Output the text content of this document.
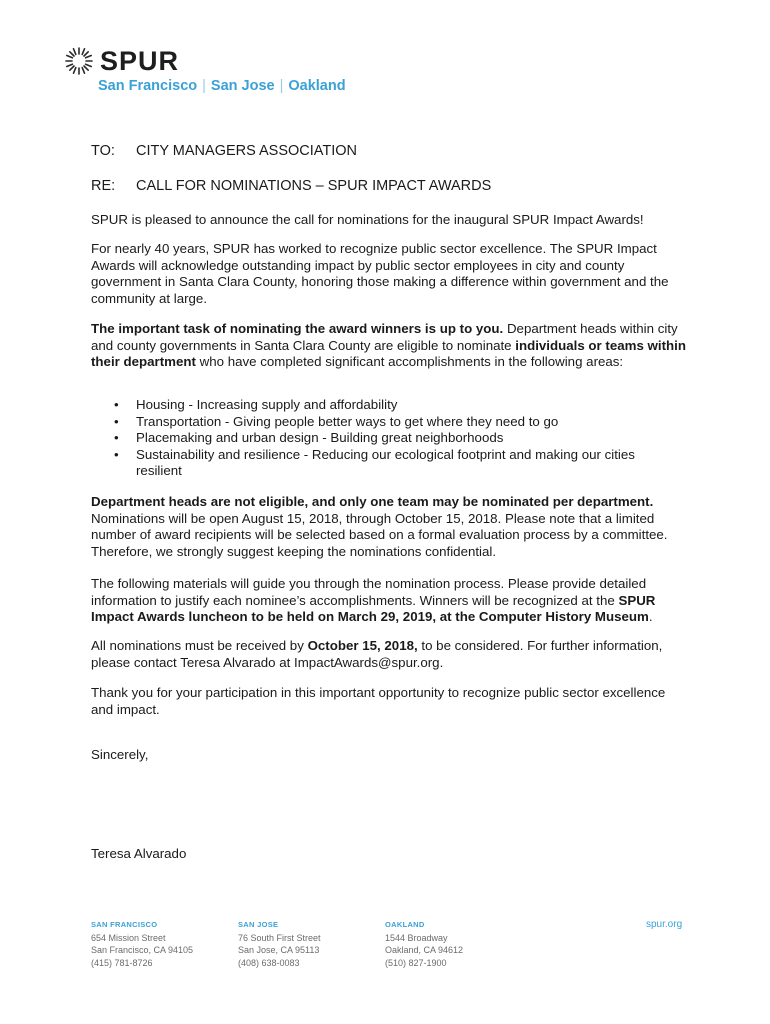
SPUR
San Francisco | San Jose | Oakland
TO: CITY MANAGERS ASSOCIATION
RE: CALL FOR NOMINATIONS – SPUR IMPACT AWARDS

SPUR is pleased to announce the call for nominations for the inaugural SPUR Impact Awards!

For nearly 40 years, SPUR has worked to recognize public sector excellence. The SPUR Impact Awards will acknowledge outstanding impact by public sector employees in city and county government in Santa Clara County, honoring those making a difference within government and the community at large.

The important task of nominating the award winners is up to you. Department heads within city and county governments in Santa Clara County are eligible to nominate individuals or teams within their department who have completed significant accomplishments in the following areas:

•	Housing - Increasing supply and affordability
•	Transportation - Giving people better ways to get where they need to go
•	Placemaking and urban design - Building great neighborhoods
•	Sustainability and resilience - Reducing our ecological footprint and making our cities resilient

Department heads are not eligible, and only one team may be nominated per department. Nominations will be open August 15, 2018, through October 15, 2018. Please note that a limited number of award recipients will be selected based on a formal evaluation process by a committee. Therefore, we strongly suggest keeping the nominations confidential.

The following materials will guide you through the nomination process. Please provide detailed information to justify each nominee’s accomplishments. Winners will be recognized at the SPUR Impact Awards luncheon to be held on March 29, 2019, at the Computer History Museum.

All nominations must be received by October 15, 2018, to be considered. For further information, please contact Teresa Alvarado at ImpactAwards@spur.org.

Thank you for your participation in this important opportunity to recognize public sector excellence and impact.

Sincerely,

Teresa Alvarado

SAN FRANCISCO
654 Mission Street
San Francisco, CA 94105
(415) 781-8726
SAN JOSE
76 South First Street
San Jose, CA 95113
(408) 638-0083
OAKLAND
1544 Broadway
Oakland, CA 94612
(510) 827-1900
spur.org
